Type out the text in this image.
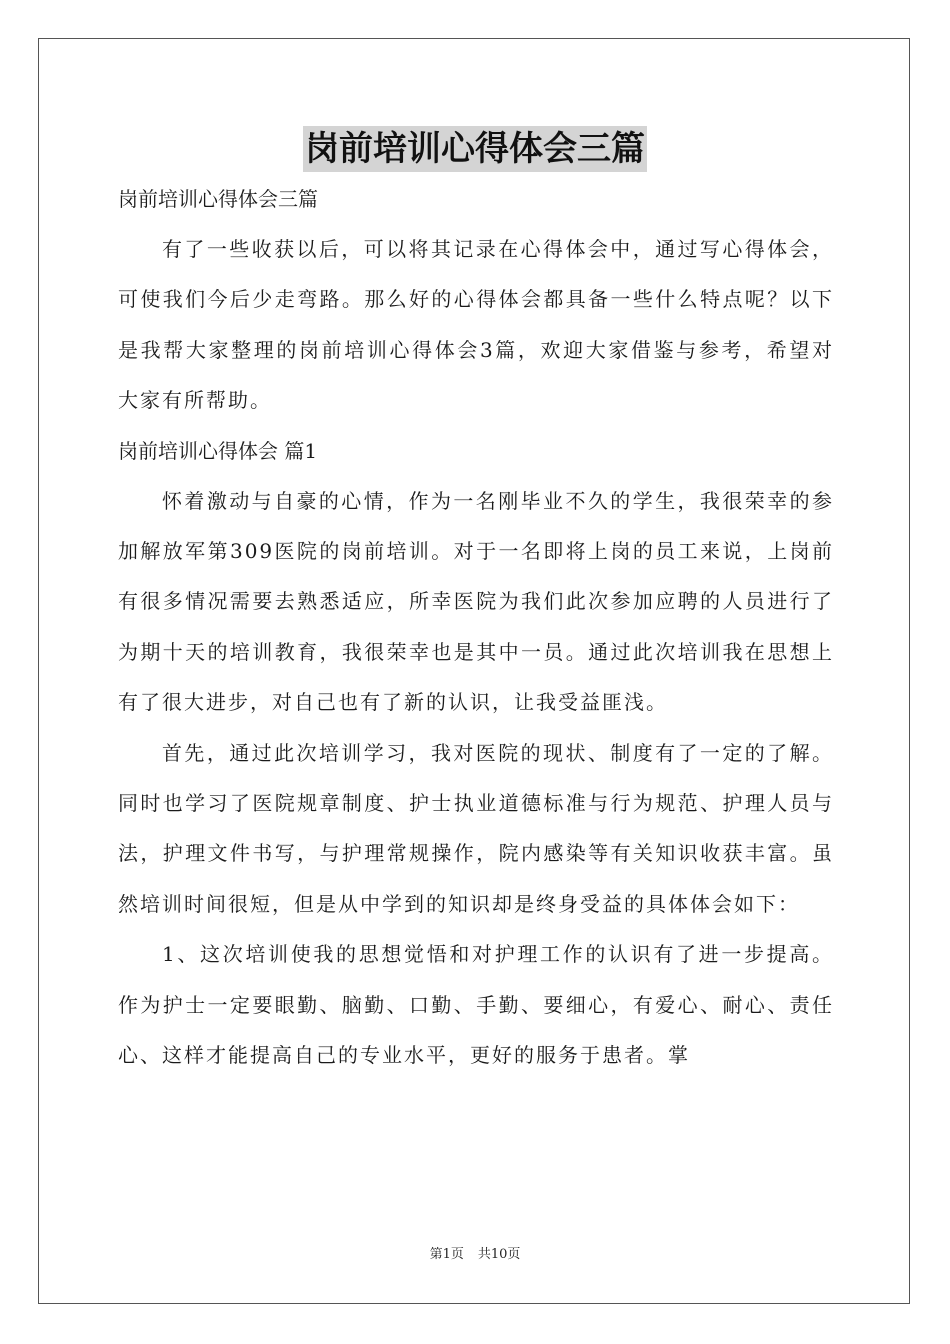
岗前培训心得体会三篇

岗前培训心得体会三篇

有了一些收获以后，可以将其记录在心得体会中，通过写心得体会，可使我们今后少走弯路。那么好的心得体会都具备一些什么特点呢？以下是我帮大家整理的岗前培训心得体会3篇，欢迎大家借鉴与参考，希望对大家有所帮助。

岗前培训心得体会 篇1

怀着激动与自豪的心情，作为一名刚毕业不久的学生，我很荣幸的参加解放军第309医院的岗前培训。对于一名即将上岗的员工来说，上岗前有很多情况需要去熟悉适应，所幸医院为我们此次参加应聘的人员进行了为期十天的培训教育，我很荣幸也是其中一员。通过此次培训我在思想上有了很大进步，对自己也有了新的认识，让我受益匪浅。

首先，通过此次培训学习，我对医院的现状、制度有了一定的了解。同时也学习了医院规章制度、护士执业道德标准与行为规范、护理人员与法，护理文件书写，与护理常规操作，院内感染等有关知识收获丰富。虽然培训时间很短，但是从中学到的知识却是终身受益的具体体会如下：

1、这次培训使我的思想觉悟和对护理工作的认识有了进一步提高。作为护士一定要眼勤、脑勤、口勤、手勤、要细心，有爱心、耐心、责任心、这样才能提高自己的专业水平，更好的服务于患者。掌

第1页 共10页
